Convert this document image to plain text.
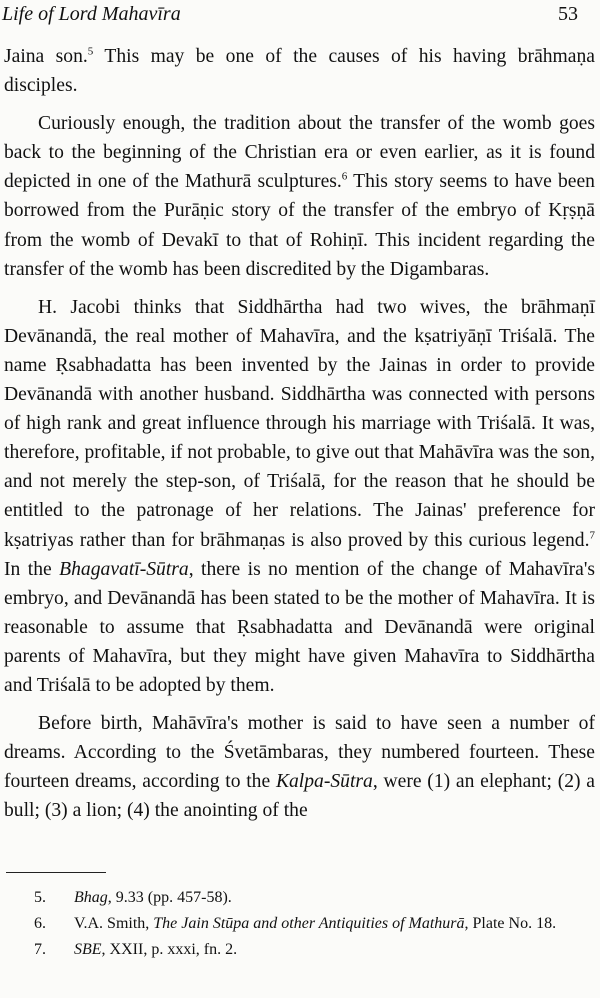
Life of Lord Mahavīra	53

Jaina son.$^5$ This may be one of the causes of his having brāhmaṇa disciples.

Curiously enough, the tradition about the transfer of the womb goes back to the beginning of the Christian era or even earlier, as it is found depicted in one of the Mathurā sculptures.$^6$ This story seems to have been borrowed from the Purāṇic story of the transfer of the embryo of Kṛṣṇā from the womb of Devakī to that of Rohiṇī. This incident regarding the transfer of the womb has been discredited by the Digambaras.

H. Jacobi thinks that Siddhārtha had two wives, the brāhmaṇī Devānandā, the real mother of Mahavīra, and the kṣatriyāṇī Triśalā. The name Ṛsabhadatta has been invented by the Jainas in order to provide Devānandā with another husband. Siddhārtha was connected with persons of high rank and great influence through his marriage with Triśalā. It was, therefore, profitable, if not probable, to give out that Mahāvīra was the son, and not merely the step-son, of Triśalā, for the reason that he should be entitled to the patronage of her relations. The Jainas' preference for kṣatriyas rather than for brāhmaṇas is also proved by this curious legend.$^7$ In the Bhagavatī-Sūtra, there is no mention of the change of Mahavīra's embryo, and Devānandā has been stated to be the mother of Mahavīra. It is reasonable to assume that Ṛsabhadatta and Devānandā were original parents of Mahavīra, but they might have given Mahavīra to Siddhārtha and Triśalā to be adopted by them.

Before birth, Mahāvīra's mother is said to have seen a number of dreams. According to the Śvetāmbaras, they numbered fourteen. These fourteen dreams, according to the Kalpa-Sūtra, were (1) an elephant; (2) a bull; (3) a lion; (4) the anointing of the

5. Bhag, 9.33 (pp. 457-58).
6. V.A. Smith, The Jain Stūpa and other Antiquities of Mathurā, Plate No. 18.
7. SBE, XXII, p. xxxi, fn. 2.
